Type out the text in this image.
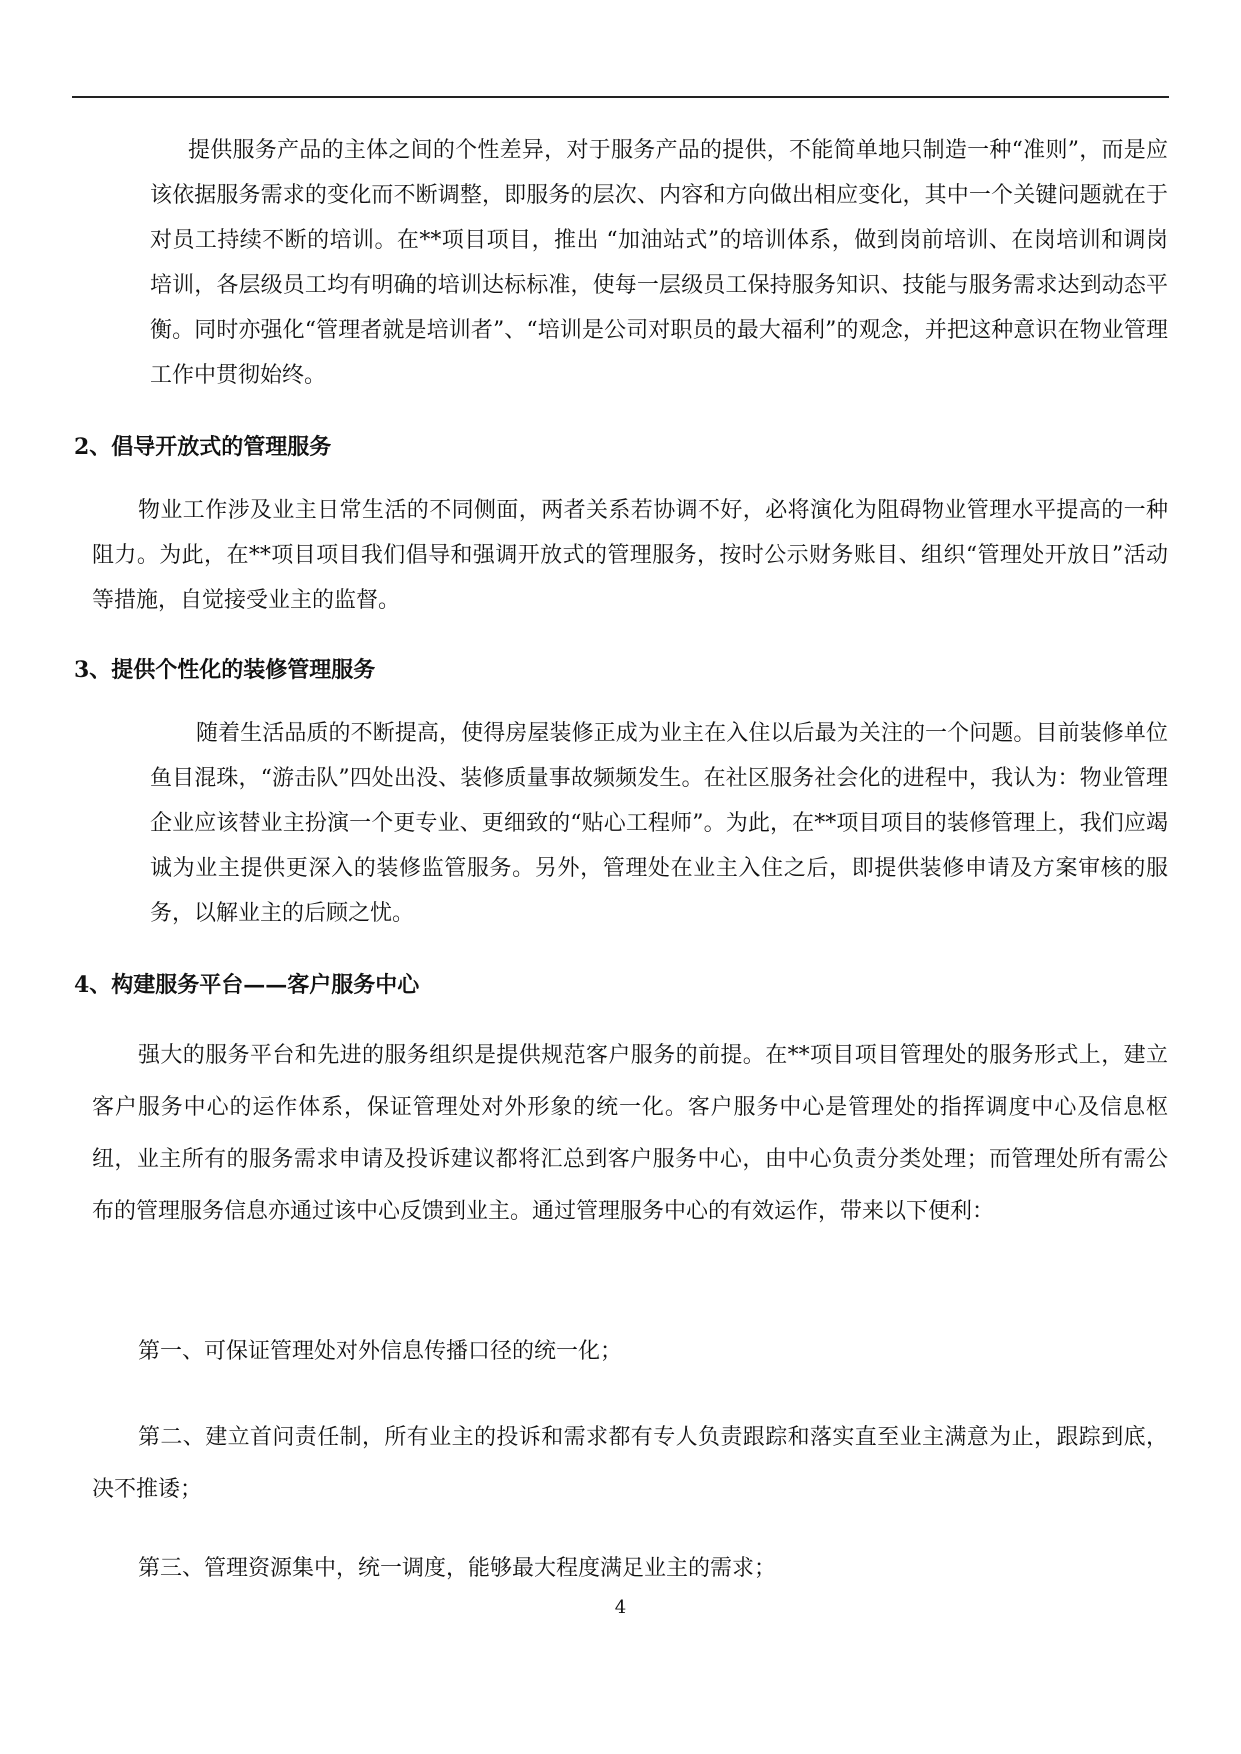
提供服务产品的主体之间的个性差异，对于服务产品的提供，不能简单地只制造一种“准则”，而是应该依据服务需求的变化而不断调整，即服务的层次、内容和方向做出相应变化，其中一个关键问题就在于对员工持续不断的培训。在**项目项目，推出 “加油站式”的培训体系，做到岗前培训、在岗培训和调岗培训，各层级员工均有明确的培训达标标准，使每一层级员工保持服务知识、技能与服务需求达到动态平衡。同时亦强化“管理者就是培训者”、“培训是公司对职员的最大福利”的观念，并把这种意识在物业管理工作中贯彻始终。

2、倡导开放式的管理服务

物业工作涉及业主日常生活的不同侧面，两者关系若协调不好，必将演化为阻碍物业管理水平提高的一种阻力。为此，在**项目项目我们倡导和强调开放式的管理服务，按时公示财务账目、组织“管理处开放日”活动等措施，自觉接受业主的监督。

3、提供个性化的装修管理服务

随着生活品质的不断提高，使得房屋装修正成为业主在入住以后最为关注的一个问题。目前装修单位鱼目混珠，“游击队”四处出没、装修质量事故频频发生。在社区服务社会化的进程中，我认为：物业管理企业应该替业主扮演一个更专业、更细致的“贴心工程师”。为此，在**项目项目的装修管理上，我们应竭诚为业主提供更深入的装修监管服务。另外，管理处在业主入住之后，即提供装修申请及方案审核的服务，以解业主的后顾之忧。

4、构建服务平台——客户服务中心

强大的服务平台和先进的服务组织是提供规范客户服务的前提。在**项目项目管理处的服务形式上，建立客户服务中心的运作体系，保证管理处对外形象的统一化。客户服务中心是管理处的指挥调度中心及信息枢纽，业主所有的服务需求申请及投诉建议都将汇总到客户服务中心，由中心负责分类处理；而管理处所有需公布的管理服务信息亦通过该中心反馈到业主。通过管理服务中心的有效运作，带来以下便利：

第一、可保证管理处对外信息传播口径的统一化；

第二、建立首问责任制，所有业主的投诉和需求都有专人负责跟踪和落实直至业主满意为止，跟踪到底，决不推诿；

第三、管理资源集中，统一调度，能够最大程度满足业主的需求；

4
